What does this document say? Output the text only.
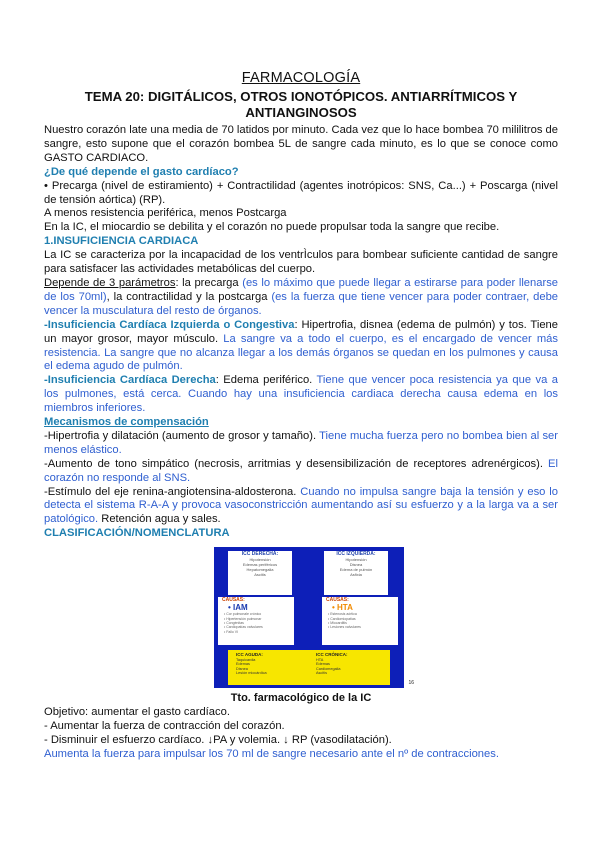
FARMACOLOGÍA
TEMA 20: DIGITÁLICOS, OTROS IONOTÓPICOS. ANTIARRÍTMICOS Y
ANTIANGINOSOS

Nuestro corazón late una media de 70 latidos por minuto. Cada vez que lo hace bombea 70 mililitros de sangre, esto supone que el corazón bombea 5L de sangre cada minuto, es lo que se conoce como GASTO CARDIACO.

¿De qué depende el gasto cardíaco?

• Precarga (nivel de estiramiento) + Contractilidad (agentes inotrópicos: SNS, Ca...) + Poscarga (nivel de tensión aórtica) (RP).

A menos resistencia periférica, menos Postcarga

En la IC, el miocardio se debilita y el corazón no puede propulsar toda la sangre que recibe.

1.INSUFICIENCIA CARDIACA

La IC se caracteriza por la incapacidad de los ventrÌculos para bombear suficiente cantidad de sangre para satisfacer las actividades metabólicas del cuerpo.

Depende de 3 parámetros: la precarga (es lo máximo que puede llegar a estirarse para poder llenarse de los 70ml), la contractilidad y la postcarga (es la fuerza que tiene vencer para poder contraer, debe vencer la musculatura del resto de órganos.

-Insuficiencia Cardíaca Izquierda o Congestiva: Hipertrofia, disnea (edema de pulmón) y tos. Tiene un mayor grosor, mayor músculo. La sangre va a todo el cuerpo, es el encargado de vencer más resistencia. La sangre que no alcanza llegar a los demás órganos se quedan en los pulmones y causa el edema agudo de pulmón.

-Insuficiencia Cardíaca Derecha: Edema periférico. Tiene que vencer poca resistencia ya que va a los pulmones, está cerca. Cuando hay una insuficiencia cardiaca derecha causa edema en los miembros inferiores.

Mecanismos de compensación

-Hipertrofia y dilatación (aumento de grosor y tamaño). Tiene mucha fuerza pero no bombea bien al ser menos elástico.

-Aumento de tono simpático (necrosis, arritmias y desensibilización de receptores adrenérgicos). El corazón no responde al SNS.

-Estímulo del eje renina-angiotensina-aldosterona. Cuando no impulsa sangre baja la tensión y eso lo detecta el sistema R-A-A y provoca vasoconstricción aumentando así su esfuerzo y a la larga va a ser patológico. Retención agua y sales.

CLASIFICACIÓN/NOMENCLATURA

ICC DERECHA:
Hipotensión
Edemas periféricos
Hepatomegalia
Ascitis
ICC IZQUIERDA:
Hipotensión
Disnea
Edema de pulmón
Asfixia
CAUSAS:
• IAM
• Cor pulmonale crónico
• Hipertensión pulmonar
• Congénitas
• Cardiopatías valvulares
• Fallo VI
CAUSAS:
• HTA
• Estenosis aórtica
• Cardiomiopatías
• Miocarditis
• Lesiones valvulares
ICC AGUDA:
Taquicardia
Edemas
Disnea
Lesión miocárdica
ICC CRÓNICA:
HTA
Edemas
Cardiomegalia
Ascitis
16
Tto. farmacológico de la IC

Objetivo: aumentar el gasto cardíaco.

- Aumentar la fuerza de contracción del corazón.

- Disminuir el esfuerzo cardíaco. ↓PA y volemia. ↓ RP (vasodilatación).

Aumenta la fuerza para impulsar los 70 ml de sangre necesario ante el nº de contracciones.
